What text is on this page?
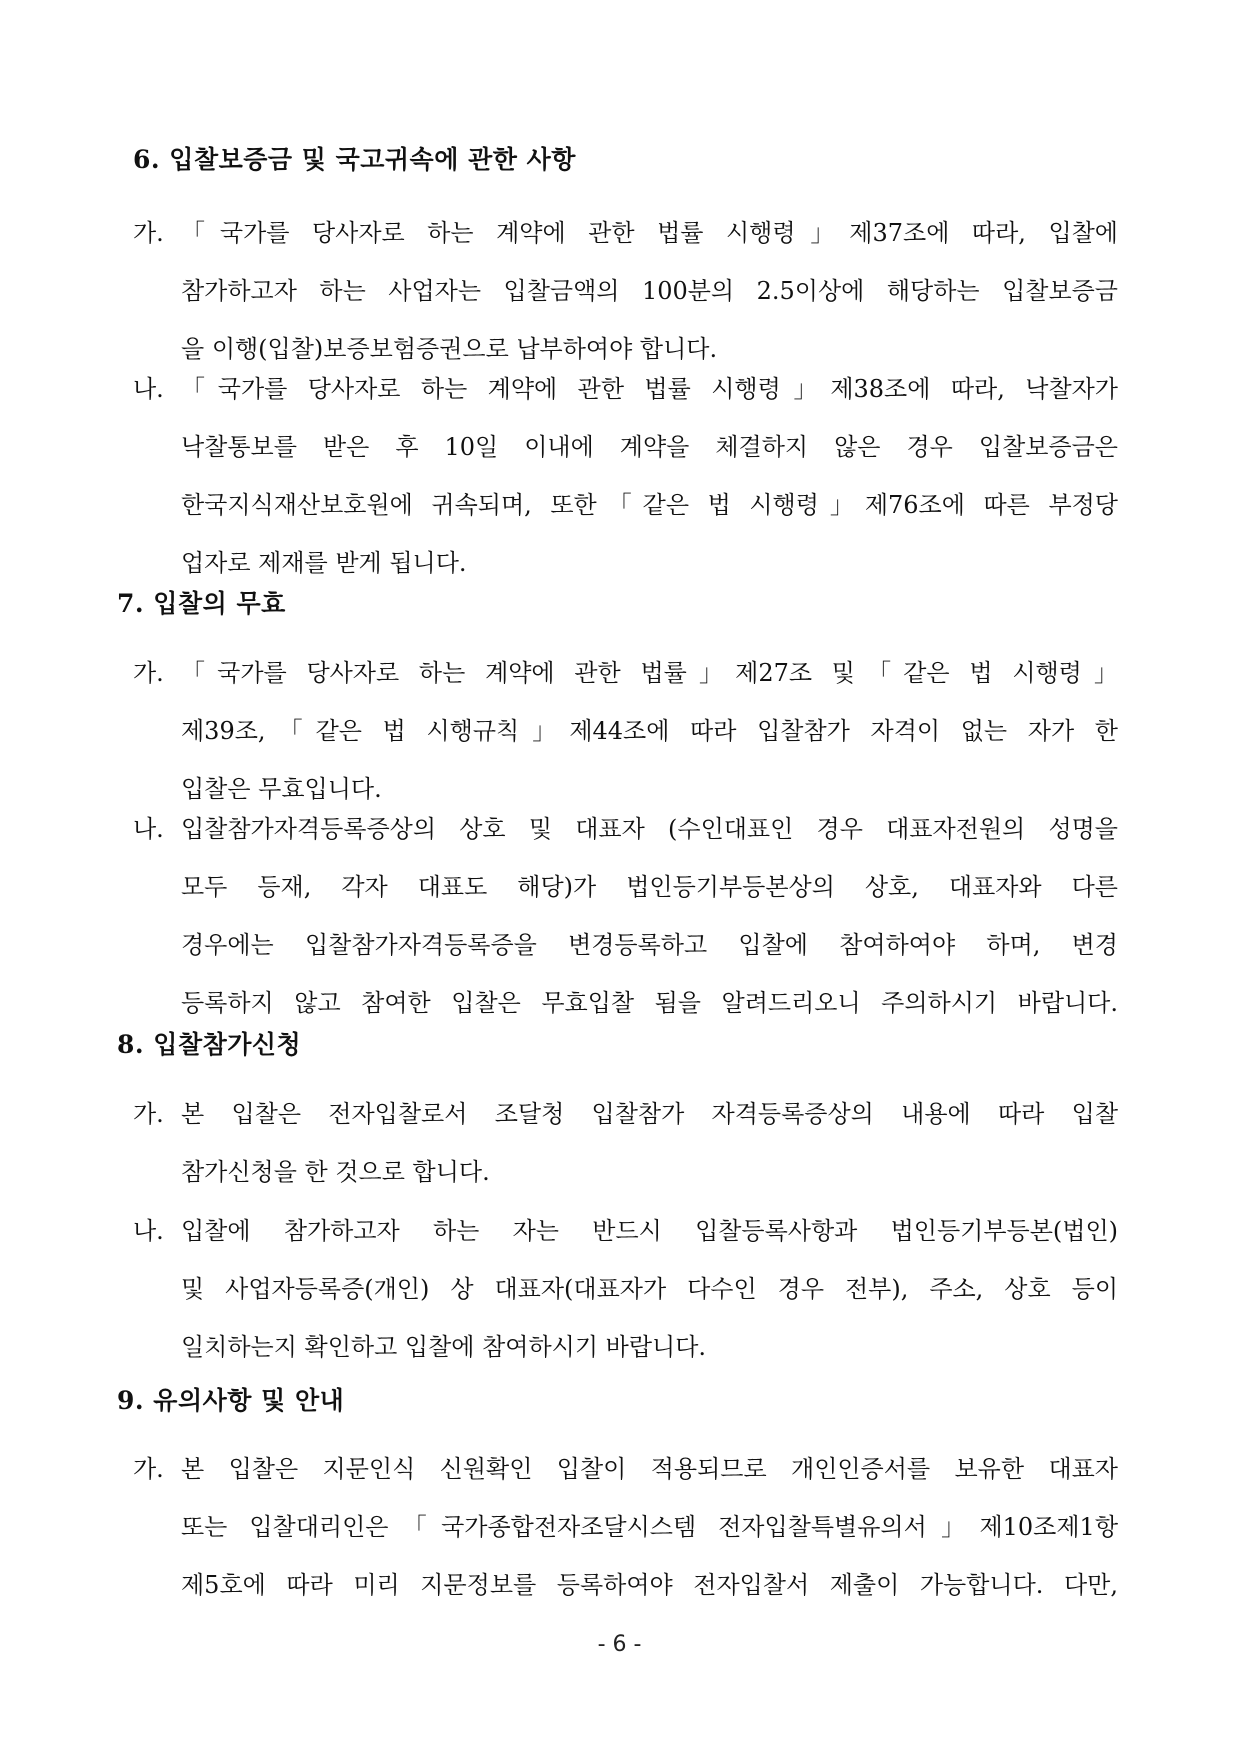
6. 입찰보증금 및 국고귀속에 관한 사항
가. 「국가를 당사자로 하는 계약에 관한 법률 시행령」제37조에 따라, 입찰에
참가하고자 하는 사업자는 입찰금액의 100분의 2.5이상에 해당하는 입찰보증금
을 이행(입찰)보증보험증권으로 납부하여야 합니다.
나. 「국가를 당사자로 하는 계약에 관한 법률 시행령」제38조에 따라, 낙찰자가
낙찰통보를 받은 후 10일 이내에 계약을 체결하지 않은 경우 입찰보증금은
한국지식재산보호원에 귀속되며, 또한「같은 법 시행령」제76조에 따른 부정당
업자로 제재를 받게 됩니다.
7. 입찰의 무효
가. 「국가를 당사자로 하는 계약에 관한 법률」제27조 및「같은 법 시행령」
제39조,「같은 법 시행규칙」제44조에 따라 입찰참가 자격이 없는 자가 한
입찰은 무효입니다.
나. 입찰참가자격등록증상의 상호 및 대표자 (수인대표인 경우 대표자전원의 성명을
모두 등재, 각자 대표도 해당)가 법인등기부등본상의 상호, 대표자와 다른
경우에는 입찰참가자격등록증을 변경등록하고 입찰에 참여하여야 하며, 변경
등록하지 않고 참여한 입찰은 무효입찰 됨을 알려드리오니 주의하시기 바랍니다.
8. 입찰참가신청
가. 본 입찰은 전자입찰로서 조달청 입찰참가 자격등록증상의 내용에 따라 입찰
참가신청을 한 것으로 합니다.
나. 입찰에 참가하고자 하는 자는 반드시 입찰등록사항과 법인등기부등본(법인)
및 사업자등록증(개인) 상 대표자(대표자가 다수인 경우 전부), 주소, 상호 등이
일치하는지 확인하고 입찰에 참여하시기 바랍니다.
9. 유의사항 및 안내
가. 본 입찰은 지문인식 신원확인 입찰이 적용되므로 개인인증서를 보유한 대표자
또는 입찰대리인은「국가종합전자조달시스템 전자입찰특별유의서」제10조제1항
제5호에 따라 미리 지문정보를 등록하여야 전자입찰서 제출이 가능합니다. 다만,
- 6 -
